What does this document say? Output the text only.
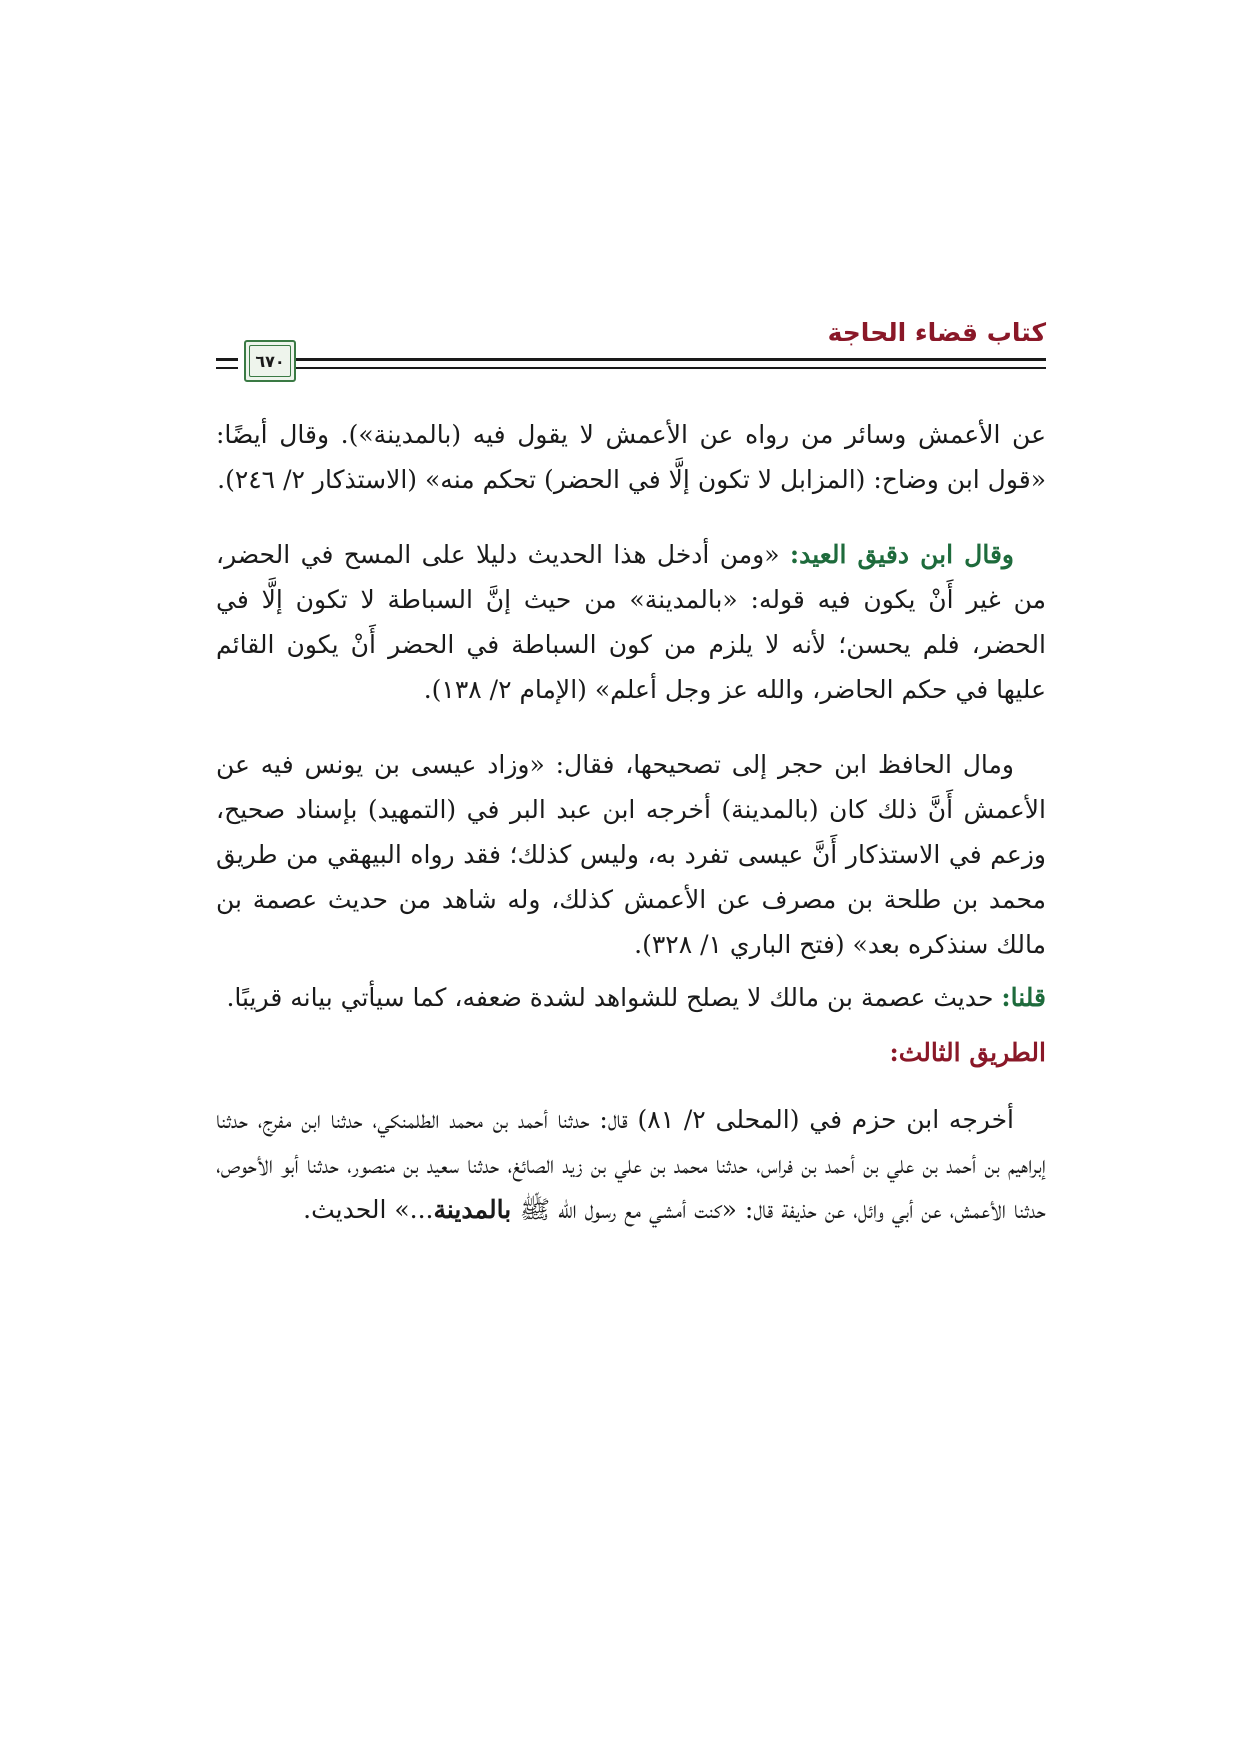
كتاب قضاء الحاجة
٦٧٠

عن الأعمش وسائر من رواه عن الأعمش لا يقول فيه (بالمدينة»). وقال أيضًا: «قول ابن وضاح: (المزابل لا تكون إلَّا في الحضر) تحكم منه» (الاستذكار ٢/ ٢٤٦).

وقال ابن دقيق العيد: «ومن أدخل هذا الحديث دليلا على المسح في الحضر، من غير أَنْ يكون فيه قوله: «بالمدينة» من حيث إنَّ السباطة لا تكون إلَّا في الحضر، فلم يحسن؛ لأنه لا يلزم من كون السباطة في الحضر أَنْ يكون القائم عليها في حكم الحاضر، والله عز وجل أعلم» (الإمام ٢/ ١٣٨).

ومال الحافظ ابن حجر إلى تصحيحها، فقال: «وزاد عيسى بن يونس فيه عن الأعمش أَنَّ ذلك كان (بالمدينة) أخرجه ابن عبد البر في (التمهيد) بإسناد صحيح، وزعم في الاستذكار أَنَّ عيسى تفرد به، وليس كذلك؛ فقد رواه البيهقي من طريق محمد بن طلحة بن مصرف عن الأعمش كذلك، وله شاهد من حديث عصمة بن مالك سنذكره بعد» (فتح الباري ١/ ٣٢٨).

قلنا: حديث عصمة بن مالك لا يصلح للشواهد لشدة ضعفه، كما سيأتي بيانه قريبًا.

الطريق الثالث:

أخرجه ابن حزم في (المحلى ٢/ ٨١) قال: حدثنا أحمد بن محمد الطلمنكي، حدثنا ابن مفرج، حدثنا إبراهيم بن أحمد بن علي بن أحمد بن فراس، حدثنا محمد بن علي بن زيد الصائغ، حدثنا سعيد بن منصور، حدثنا أبو الأحوص، حدثنا الأعمش، عن أبي وائل، عن حذيفة قال: «كنت أمشي مع رسول الله ﷺ بالمدينة...» الحديث.
